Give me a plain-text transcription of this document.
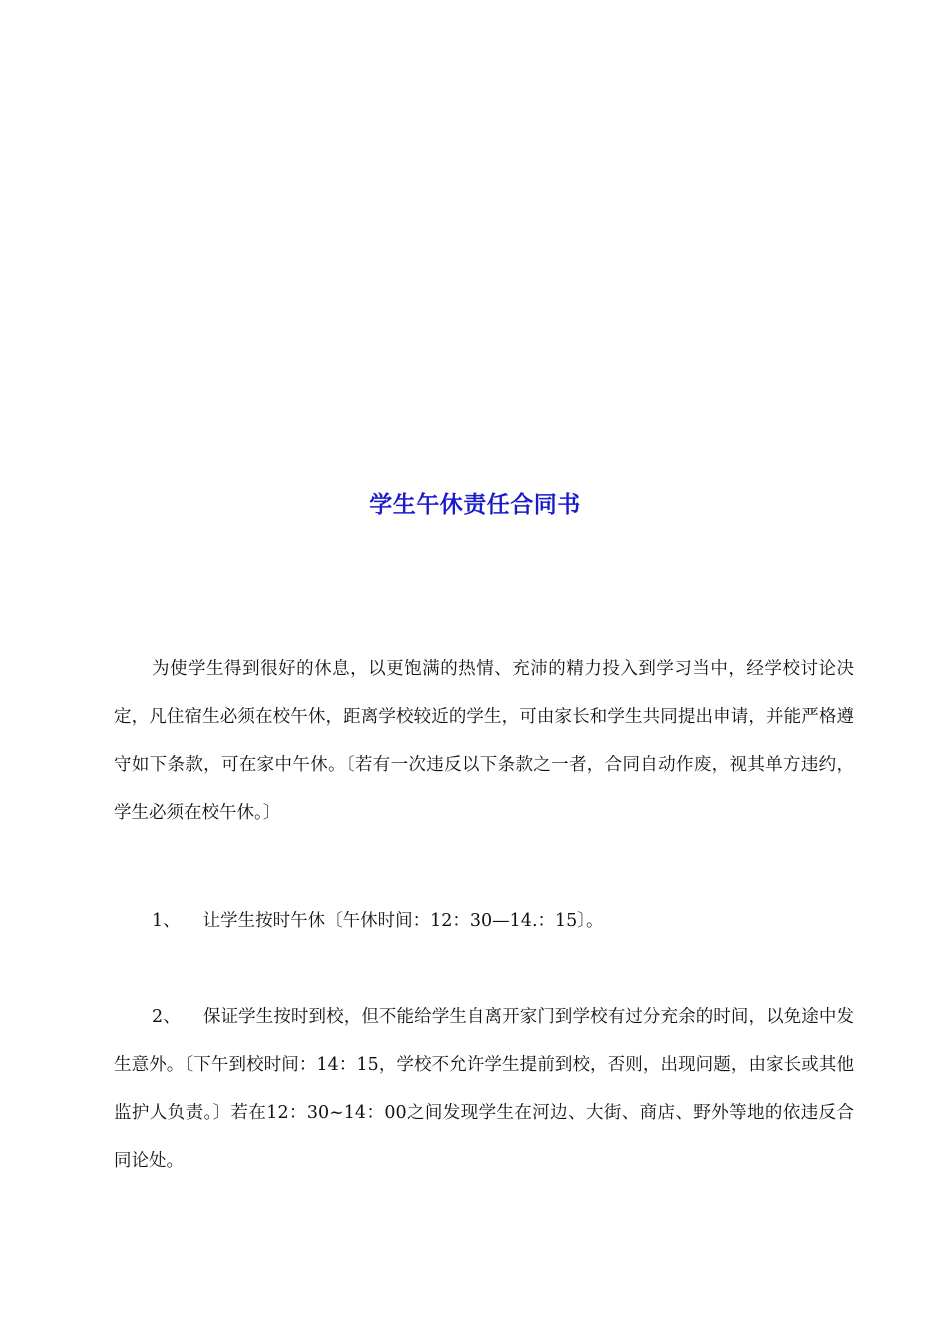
学生午休责任合同书

为使学生得到很好的休息，以更饱满的热情、充沛的精力投入到学习当中，经学校讨论决定，凡住宿生必须在校午休，距离学校较近的学生，可由家长和学生共同提出申请，并能严格遵守如下条款，可在家中午休。〔若有一次违反以下条款之一者，合同自动作废，视其单方违约，学生必须在校午休。〕

1、 让学生按时午休〔午休时间：12：30—14.：15〕。

2、 保证学生按时到校，但不能给学生自离开家门到学校有过分充余的时间，以免途中发生意外。〔下午到校时间：14：15，学校不允许学生提前到校，否则，出现问题，由家长或其他监护人负责。〕若在12：30~14：00之间发现学生在河边、大街、商店、野外等地的依违反合同论处。
